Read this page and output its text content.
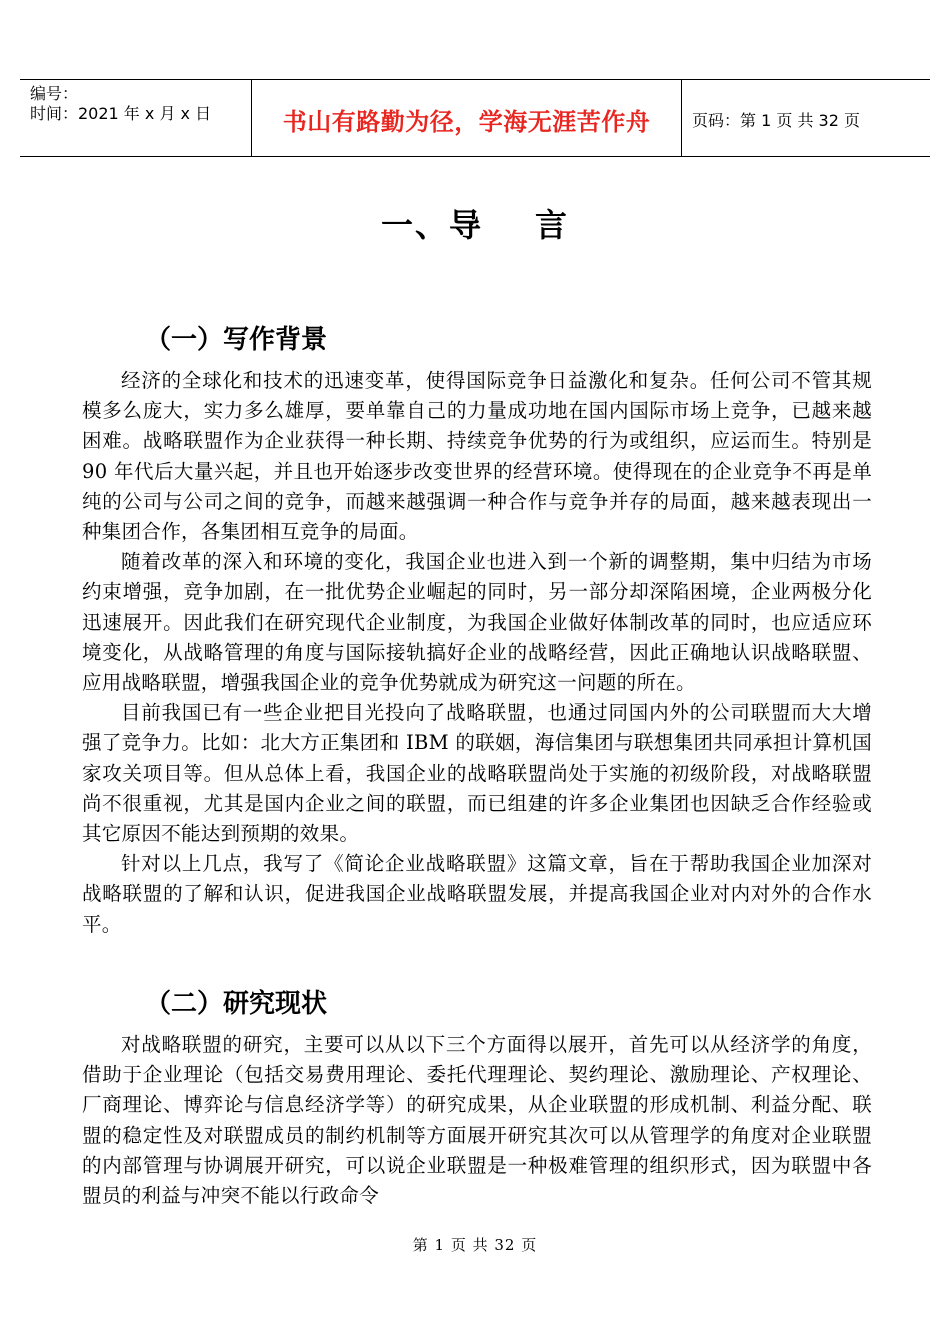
编号：
时间：2021 年 x 月 x 日	书山有路勤为径，学海无涯苦作舟	页码：第 1 页 共 32 页
一、导 言
（一）写作背景

经济的全球化和技术的迅速变革，使得国际竞争日益激化和复杂。任何公司不管其规模多么庞大，实力多么雄厚，要单靠自己的力量成功地在国内国际市场上竞争，已越来越困难。战略联盟作为企业获得一种长期、持续竞争优势的行为或组织，应运而生。特别是 90 年代后大量兴起，并且也开始逐步改变世界的经营环境。使得现在的企业竞争不再是单纯的公司与公司之间的竞争，而越来越强调一种合作与竞争并存的局面，越来越表现出一种集团合作，各集团相互竞争的局面。

随着改革的深入和环境的变化，我国企业也进入到一个新的调整期，集中归结为市场约束增强，竞争加剧，在一批优势企业崛起的同时，另一部分却深陷困境，企业两极分化迅速展开。因此我们在研究现代企业制度，为我国企业做好体制改革的同时，也应适应环境变化，从战略管理的角度与国际接轨搞好企业的战略经营，因此正确地认识战略联盟、应用战略联盟，增强我国企业的竞争优势就成为研究这一问题的所在。

目前我国已有一些企业把目光投向了战略联盟，也通过同国内外的公司联盟而大大增强了竞争力。比如：北大方正集团和 IBM 的联姻，海信集团与联想集团共同承担计算机国家攻关项目等。但从总体上看，我国企业的战略联盟尚处于实施的初级阶段，对战略联盟尚不很重视，尤其是国内企业之间的联盟，而已组建的许多企业集团也因缺乏合作经验或其它原因不能达到预期的效果。

针对以上几点，我写了《简论企业战略联盟》这篇文章，旨在于帮助我国企业加深对战略联盟的了解和认识，促进我国企业战略联盟发展，并提高我国企业对内对外的合作水平。

（二）研究现状

对战略联盟的研究，主要可以从以下三个方面得以展开，首先可以从经济学的角度，借助于企业理论（包括交易费用理论、委托代理理论、契约理论、激励理论、产权理论、厂商理论、博弈论与信息经济学等）的研究成果，从企业联盟的形成机制、利益分配、联盟的稳定性及对联盟成员的制约机制等方面展开研究其次可以从管理学的角度对企业联盟的内部管理与协调展开研究，可以说企业联盟是一种极难管理的组织形式，因为联盟中各盟员的利益与冲突不能以行政命令

第 1 页 共 32 页
